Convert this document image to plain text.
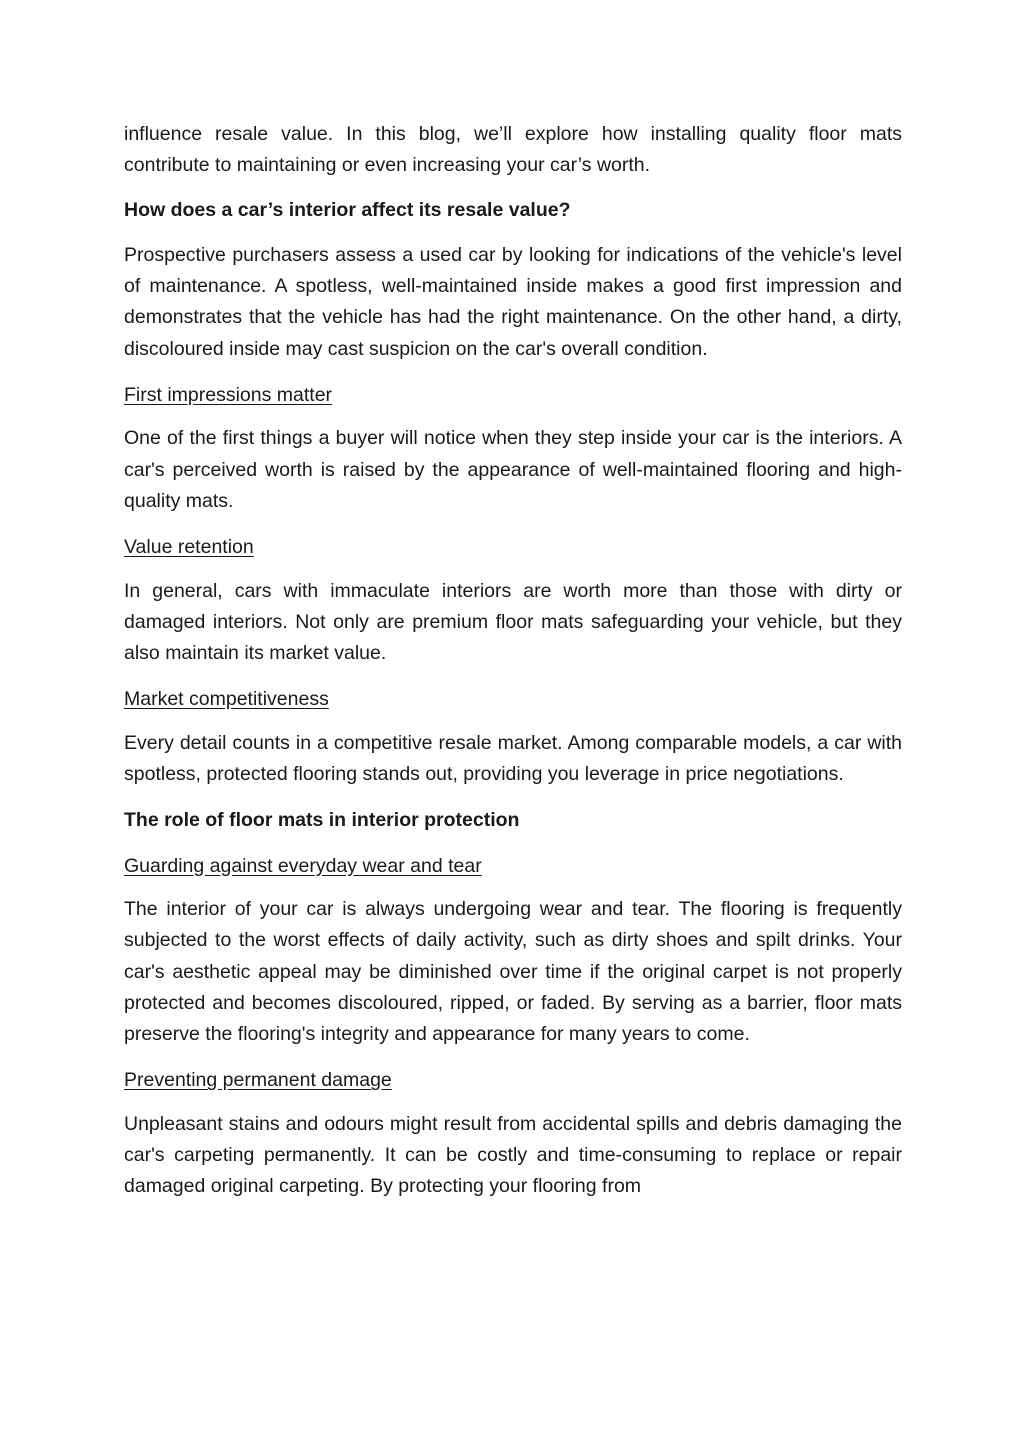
influence resale value. In this blog, we’ll explore how installing quality floor mats contribute to maintaining or even increasing your car’s worth.

How does a car’s interior affect its resale value?

Prospective purchasers assess a used car by looking for indications of the vehicle's level of maintenance. A spotless, well-maintained inside makes a good first impression and demonstrates that the vehicle has had the right maintenance. On the other hand, a dirty, discoloured inside may cast suspicion on the car's overall condition.

First impressions matter

One of the first things a buyer will notice when they step inside your car is the interiors. A car's perceived worth is raised by the appearance of well-maintained flooring and high-quality mats.

Value retention

In general, cars with immaculate interiors are worth more than those with dirty or damaged interiors. Not only are premium floor mats safeguarding your vehicle, but they also maintain its market value.

Market competitiveness

Every detail counts in a competitive resale market. Among comparable models, a car with spotless, protected flooring stands out, providing you leverage in price negotiations.

The role of floor mats in interior protection

Guarding against everyday wear and tear

The interior of your car is always undergoing wear and tear. The flooring is frequently subjected to the worst effects of daily activity, such as dirty shoes and spilt drinks. Your car's aesthetic appeal may be diminished over time if the original carpet is not properly protected and becomes discoloured, ripped, or faded. By serving as a barrier, floor mats preserve the flooring's integrity and appearance for many years to come.

Preventing permanent damage

Unpleasant stains and odours might result from accidental spills and debris damaging the car's carpeting permanently. It can be costly and time-consuming to replace or repair damaged original carpeting. By protecting your flooring from
